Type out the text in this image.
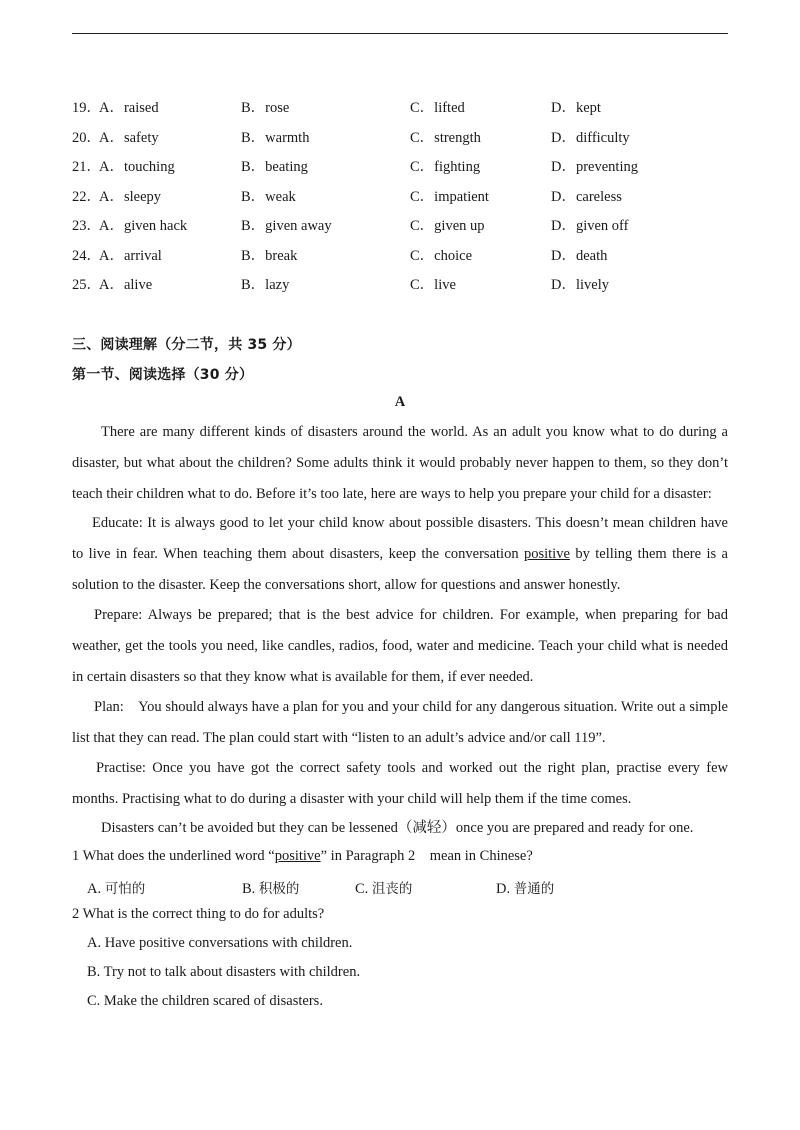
19．
A．raised	B．rose	C．lifted	D．kept
20．
A．safety	B．warmth	C．strength	D．difficulty
21．
A．touching	B．beating	C．fighting	D．preventing
22．
A．sleepy	B．weak	C．impatient	D．careless
23．
A．given hack	B．given away	C．given up	D．given off
24．
A．arrival	B．break	C．choice	D．death
25．
A．alive	B．lazy	C．live	D．lively
三、阅读理解（分二节，共 35 分）
第一节、阅读选择（30 分）
A
There are many different kinds of disasters around the world. As an adult you know what to do during a disaster, but what about the children? Some adults think it would probably never happen to them, so they don’t teach their children what to do. Before it’s too late, here are ways to help you prepare your child for a disaster:
Educate: It is always good to let your child know about possible disasters. This doesn’t mean children have to live in fear. When teaching them about disasters, keep the conversation positive by telling them there is a solution to the disaster. Keep the conversations short, allow for questions and answer honestly.
Prepare: Always be prepared; that is the best advice for children. For example, when preparing for bad weather, get the tools you need, like candles, radios, food, water and medicine. Teach your child what is needed in certain disasters so that they know what is available for them, if ever needed.
Plan:    You should always have a plan for you and your child for any dangerous situation. Write out a simple list that they can read. The plan could start with “listen to an adult’s advice and/or call 119”.
Practise: Once you have got the correct safety tools and worked out the right plan, practise every few months. Practising what to do during a disaster with your child will help them if the time comes.
Disasters can’t be avoided but they can be lessened（减轻）once you are prepared and ready for one.
1 What does the underlined word “positive” in Paragraph 2    mean in Chinese?
A. 可怕的	B. 积极的	C. 沮丧的	D. 普通的
2 What is the correct thing to do for adults?
A. Have positive conversations with children.
B. Try not to talk about disasters with children.
C. Make the children scared of disasters.
